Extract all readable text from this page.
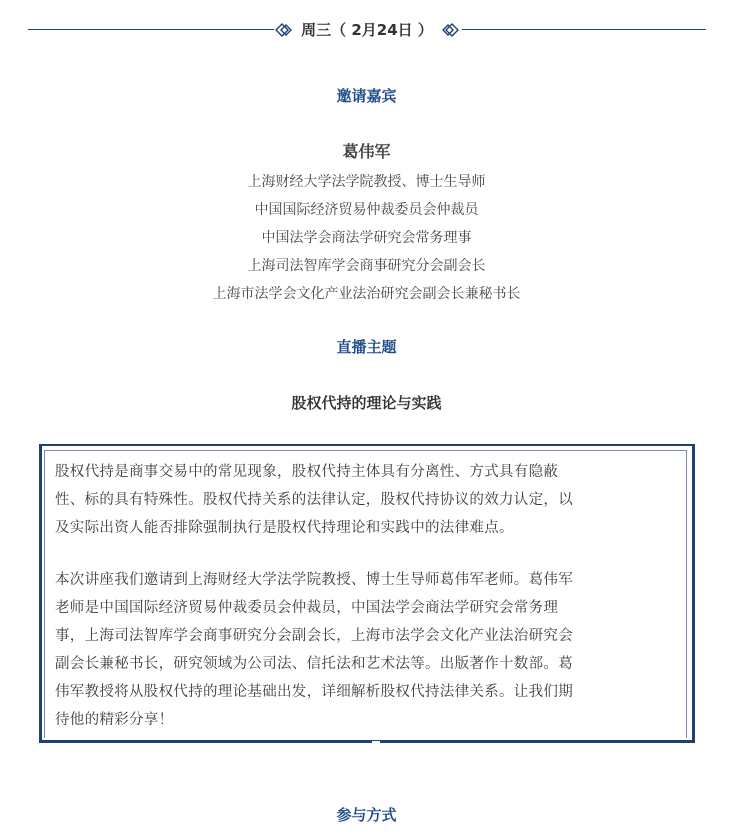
周三（ 2月24日 ）
邀请嘉宾
葛伟军
上海财经大学法学院教授、博士生导师
中国国际经济贸易仲裁委员会仲裁员
中国法学会商法学研究会常务理事
上海司法智库学会商事研究分会副会长
上海市法学会文化产业法治研究会副会长兼秘书长
直播主题
股权代持的理论与实践

股权代持是商事交易中的常见现象，股权代持主体具有分离性、方式具有隐蔽
性、标的具有特殊性。股权代持关系的法律认定，股权代持协议的效力认定，以
及实际出资人能否排除强制执行是股权代持理论和实践中的法律难点。

本次讲座我们邀请到上海财经大学法学院教授、博士生导师葛伟军老师。葛伟军
老师是中国国际经济贸易仲裁委员会仲裁员，中国法学会商法学研究会常务理
事，上海司法智库学会商事研究分会副会长，上海市法学会文化产业法治研究会
副会长兼秘书长，研究领域为公司法、信托法和艺术法等。出版著作十数部。葛
伟军教授将从股权代持的理论基础出发，详细解析股权代持法律关系。让我们期
待他的精彩分享！

参与方式
